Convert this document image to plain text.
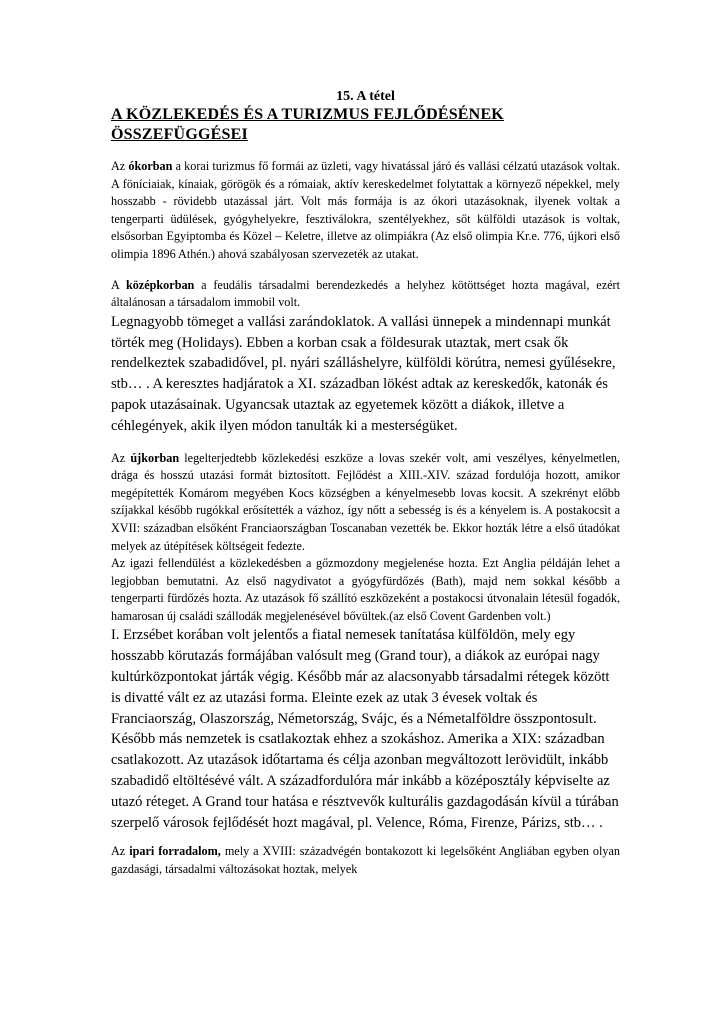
15. A tétel

A KÖZLEKEDÉS ÉS A TURIZMUS FEJLŐDÉSÉNEK
ÖSSZEFÜGGÉSEI

Az ókorban a korai turizmus fő formái az üzleti, vagy hivatással járó és vallási célzatú utazások voltak. A föníciaiak, kínaiak, görögök és a rómaiak, aktív kereskedelmet folytattak a környező népekkel, mely hosszabb - rövidebb utazással járt. Volt más formája is az ókori utazásoknak, ilyenek voltak a tengerparti üdülések, gyógyhelyekre, fesztiválokra, szentélyekhez, sőt külföldi utazások is voltak, elsősorban Egyiptomba és Közel – Keletre, illetve az olimpiákra (Az első olimpia Kr.e. 776, újkori első olimpia 1896 Athén.) ahová szabályosan szervezeték az utakat.

A középkorban a feudális társadalmi berendezkedés a helyhez kötöttséget hozta magával, ezért általánosan a társadalom immobil volt.

Legnagyobb tömeget a vallási zarándoklatok. A vallási ünnepek a mindennapi munkát törték meg (Holidays). Ebben a korban csak a földesurak utaztak, mert csak ők rendelkeztek szabadidővel, pl. nyári szálláshelyre, külföldi körútra, nemesi gyűlésekre, stb… . A keresztes hadjáratok a XI. században lökést adtak az kereskedők, katonák és papok utazásainak. Ugyancsak utaztak az egyetemek között a diákok, illetve a céhlegények, akik ilyen módon tanulták ki a mesterségüket.

Az újkorban legelterjedtebb közlekedési eszköze a lovas szekér volt, ami veszélyes, kényelmetlen, drága és hosszú utazási formát biztosított. Fejlődést a XIII.-XIV. század fordulója hozott, amikor megépítették Komárom megyében Kocs községben a kényelmesebb lovas kocsit. A szekrényt előbb szíjakkal később rugókkal erősítették a vázhoz, így nőtt a sebesség is és a kényelem is. A postakocsit a XVII: században elsőként Franciaországban Toscanaban vezették be. Ekkor hozták létre a első útadókat melyek az útépítések költségeit fedezte.

Az igazi fellendülést a közlekedésben a gőzmozdony megjelenése hozta. Ezt Anglia példáján lehet a legjobban bemutatni. Az első nagydivatot a gyógyfürdőzés (Bath), majd nem sokkal később a tengerparti fürdőzés hozta. Az utazások fő szállító eszközeként a postakocsi útvonalain létesül fogadók, hamarosan új családi szállodák megjelenésével bővültek.(az első Covent Gardenben volt.)

I. Erzsébet korában volt jelentős a fiatal nemesek tanítatása külföldön, mely egy hosszabb körutazás formájában valósult meg (Grand tour), a diákok az európai nagy kultúrközpontokat járták végig. Később már az alacsonyabb társadalmi rétegek között is divatté vált ez az utazási forma. Eleinte ezek az utak 3 évesek voltak és Franciaország, Olaszország, Németország, Svájc, és a Németalföldre összpontosult. Később más nemzetek is csatlakoztak ehhez a szokáshoz. Amerika a XIX: században csatlakozott. Az utazások időtartama és célja azonban megváltozott lerövidült, inkább szabadidő eltöltésévé vált. A századfordulóra már inkább a középosztály képviselte az utazó réteget. A Grand tour hatása e résztvevők kulturális gazdagodásán kívül a túrában szerpelő városok fejlődését hozt magával, pl. Velence, Róma, Firenze, Párizs, stb… .

Az ipari forradalom, mely a XVIII: századvégén bontakozott ki legelsőként Angliában egyben olyan gazdasági, társadalmi változásokat hoztak, melyek
